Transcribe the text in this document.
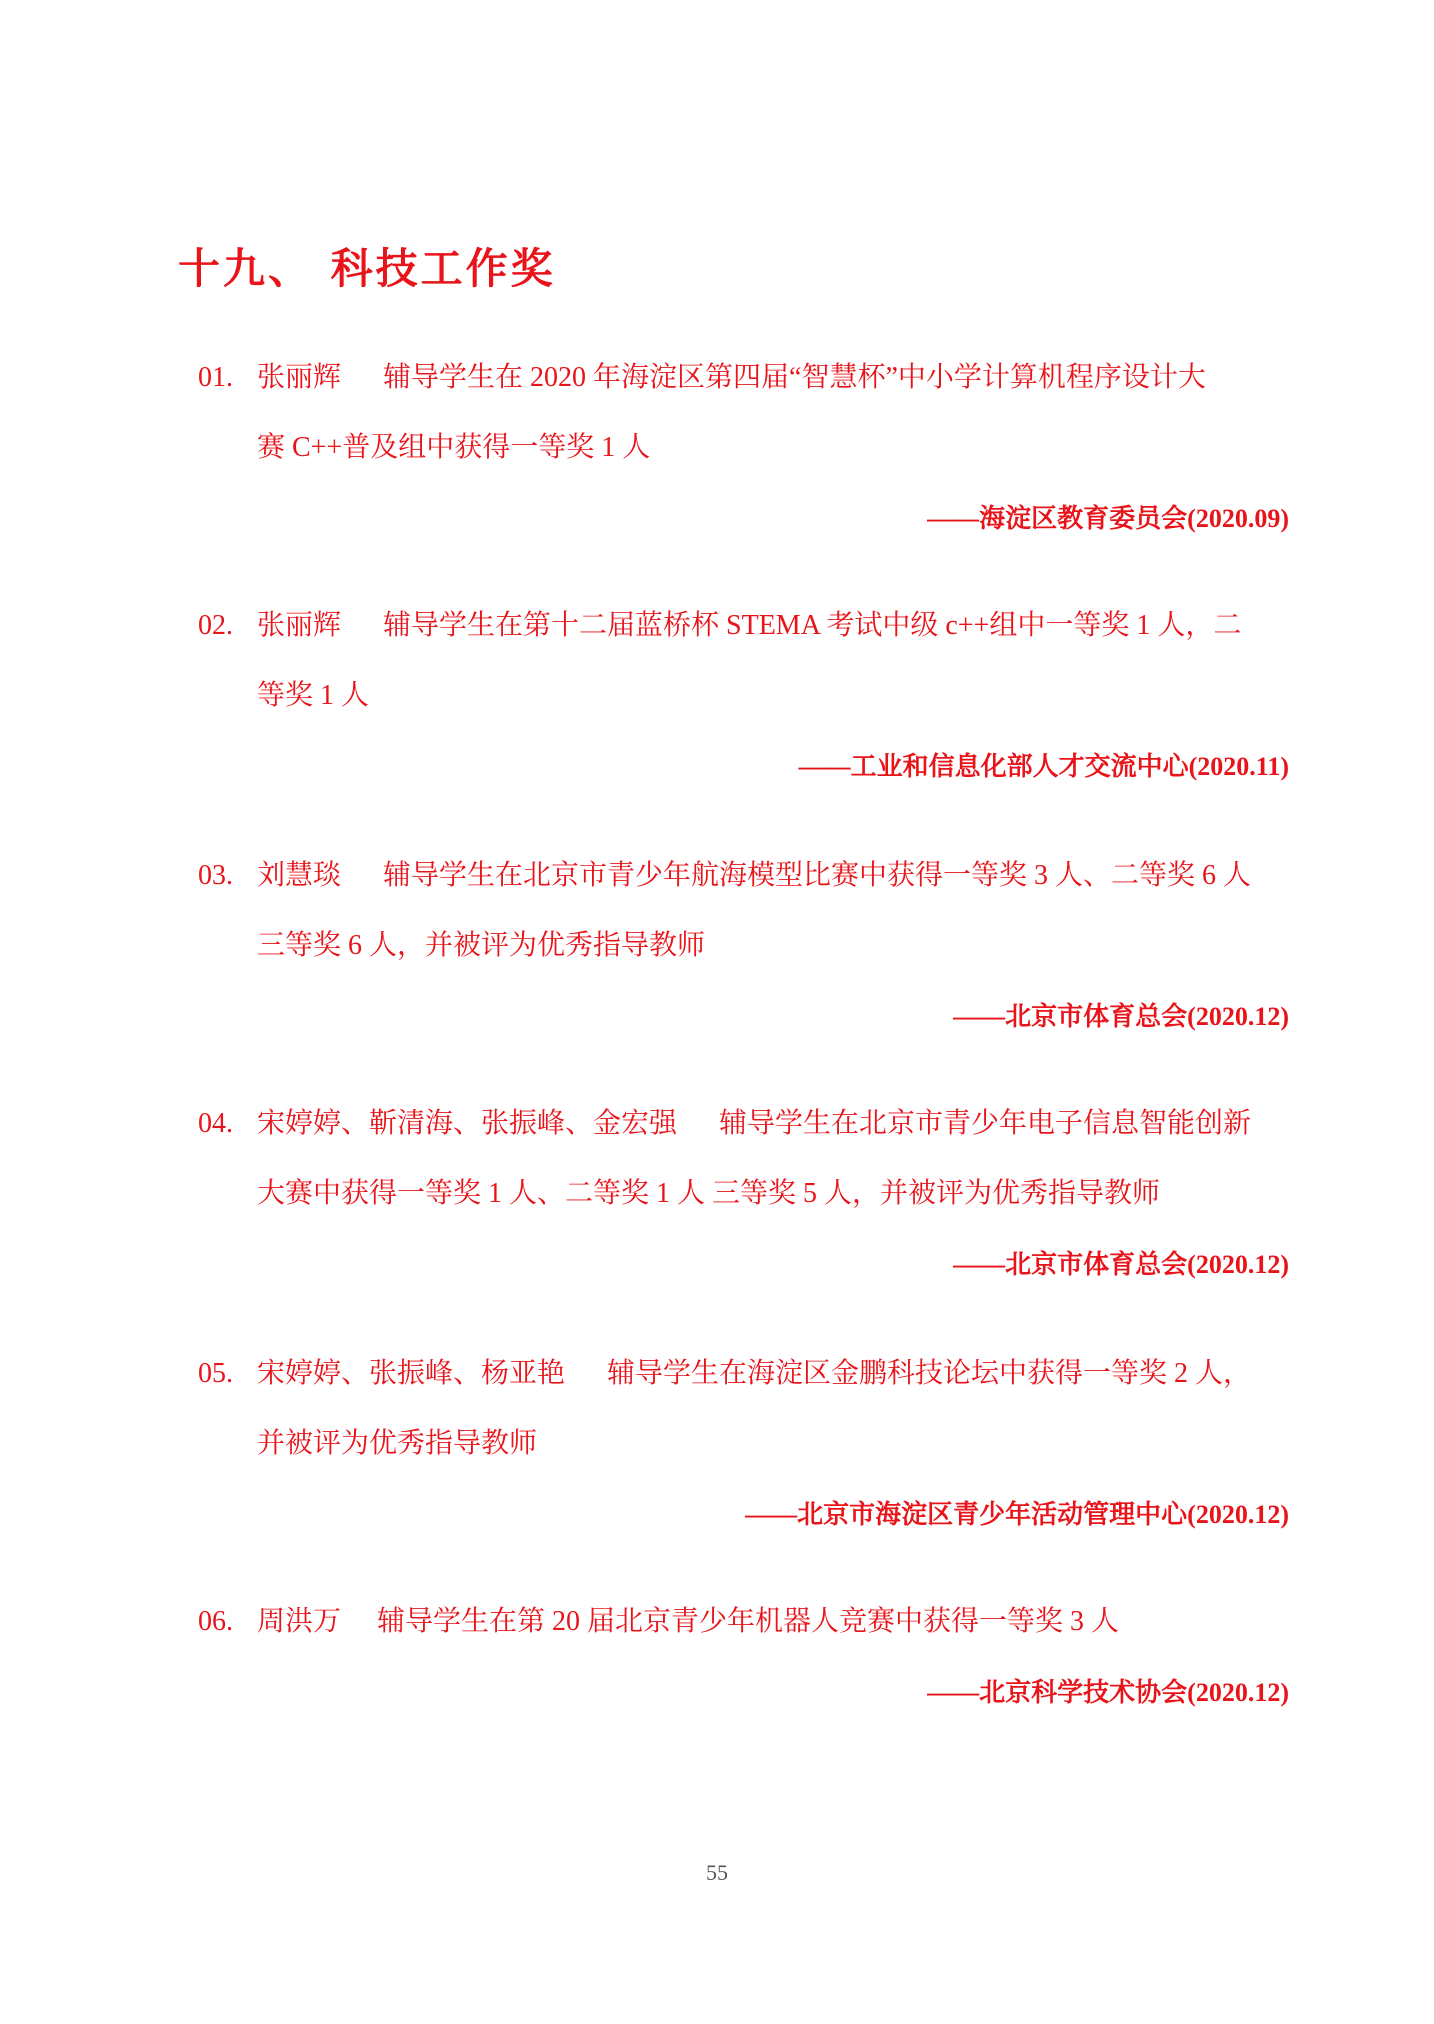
十九、 科技工作奖
01. 张丽辉 辅导学生在 2020 年海淀区第四届“智慧杯”中小学计算机程序设计大
赛 C++普及组中获得一等奖 1 人
——海淀区教育委员会(2020.09)
02. 张丽辉 辅导学生在第十二届蓝桥杯 STEMA 考试中级 c++组中一等奖 1 人，二
等奖 1 人
——工业和信息化部人才交流中心(2020.11)
03. 刘慧琰 辅导学生在北京市青少年航海模型比赛中获得一等奖 3 人、二等奖 6 人
三等奖 6 人，并被评为优秀指导教师
——北京市体育总会(2020.12)
04. 宋婷婷、靳清海、张振峰、金宏强 辅导学生在北京市青少年电子信息智能创新
大赛中获得一等奖 1 人、二等奖 1 人 三等奖 5 人，并被评为优秀指导教师
——北京市体育总会(2020.12)
05. 宋婷婷、张振峰、杨亚艳 辅导学生在海淀区金鹏科技论坛中获得一等奖 2 人，
并被评为优秀指导教师
——北京市海淀区青少年活动管理中心(2020.12)
06. 周洪万 辅导学生在第 20 届北京青少年机器人竞赛中获得一等奖 3 人
——北京科学技术协会(2020.12)
55
